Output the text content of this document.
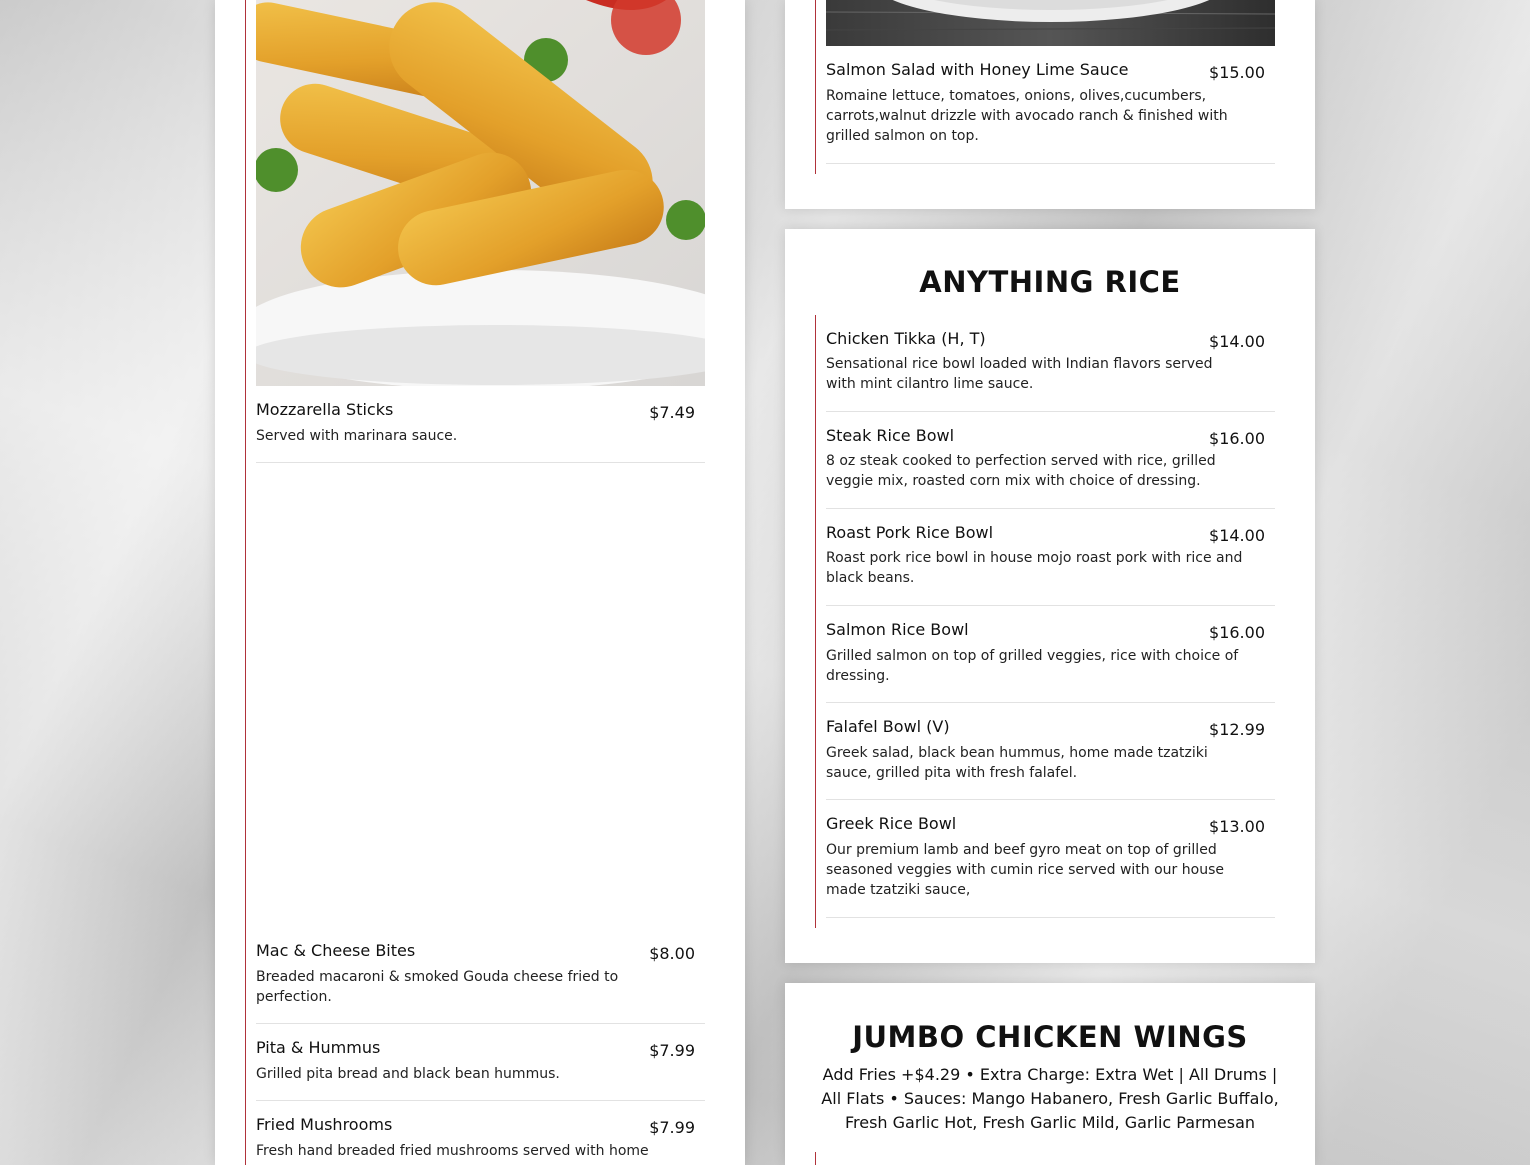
Mozzarella Sticks	$7.49
Served with marinara sauce.
Mac & Cheese Bites	$8.00
Breaded macaroni & smoked Gouda cheese fried to perfection.
Pita & Hummus	$7.99
Grilled pita bread and black bean hummus.
Fried Mushrooms	$7.99
Fresh hand breaded fried mushrooms served with home
Salmon Salad with Honey Lime Sauce	$15.00
Romaine lettuce, tomatoes, onions, olives,cucumbers, carrots,walnut drizzle with avocado ranch & finished with grilled salmon on top.
ANYTHING RICE
Chicken Tikka (H, T)	$14.00
Sensational rice bowl loaded with Indian flavors served with mint cilantro lime sauce.
Steak Rice Bowl	$16.00
8 oz steak cooked to perfection served with rice, grilled veggie mix, roasted corn mix with choice of dressing.
Roast Pork Rice Bowl	$14.00
Roast pork rice bowl in house mojo roast pork with rice and black beans.
Salmon Rice Bowl	$16.00
Grilled salmon on top of grilled veggies, rice with choice of dressing.
Falafel Bowl (V)	$12.99
Greek salad, black bean hummus, home made tzatziki sauce, grilled pita with fresh falafel.
Greek Rice Bowl	$13.00
Our premium lamb and beef gyro meat on top of grilled seasoned veggies with cumin rice served with our house made tzatziki sauce,
JUMBO CHICKEN WINGS
Add Fries +$4.29 • Extra Charge: Extra Wet | All Drums | All Flats • Sauces: Mango Habanero, Fresh Garlic Buffalo, Fresh Garlic Hot, Fresh Garlic Mild, Garlic Parmesan
